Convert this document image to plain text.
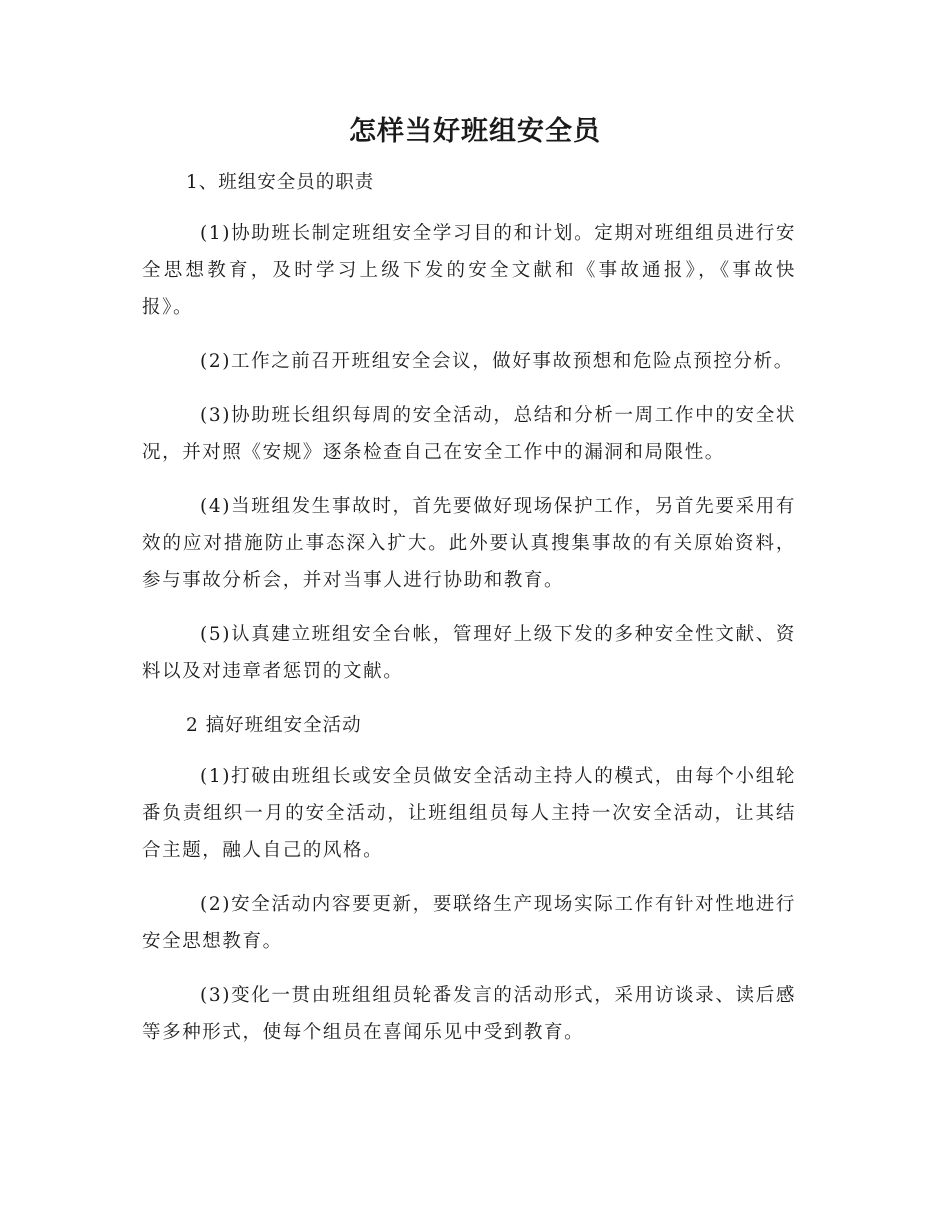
怎样当好班组安全员

1、班组安全员的职责

(1)协助班长制定班组安全学习目的和计划。定期对班组组员进行安全思想教育，及时学习上级下发的安全文献和《事故通报》，《事故快报》。

(2)工作之前召开班组安全会议，做好事故预想和危险点预控分析。

(3)协助班长组织每周的安全活动，总结和分析一周工作中的安全状况，并对照《安规》逐条检查自己在安全工作中的漏洞和局限性。

(4)当班组发生事故时，首先要做好现场保护工作，另首先要采用有效的应对措施防止事态深入扩大。此外要认真搜集事故的有关原始资料，参与事故分析会，并对当事人进行协助和教育。

(5)认真建立班组安全台帐，管理好上级下发的多种安全性文献、资料以及对违章者惩罚的文献。

2 搞好班组安全活动

(1)打破由班组长或安全员做安全活动主持人的模式，由每个小组轮番负责组织一月的安全活动，让班组组员每人主持一次安全活动，让其结合主题，融人自己的风格。

(2)安全活动内容要更新，要联络生产现场实际工作有针对性地进行安全思想教育。

(3)变化一贯由班组组员轮番发言的活动形式，采用访谈录、读后感等多种形式，使每个组员在喜闻乐见中受到教育。
